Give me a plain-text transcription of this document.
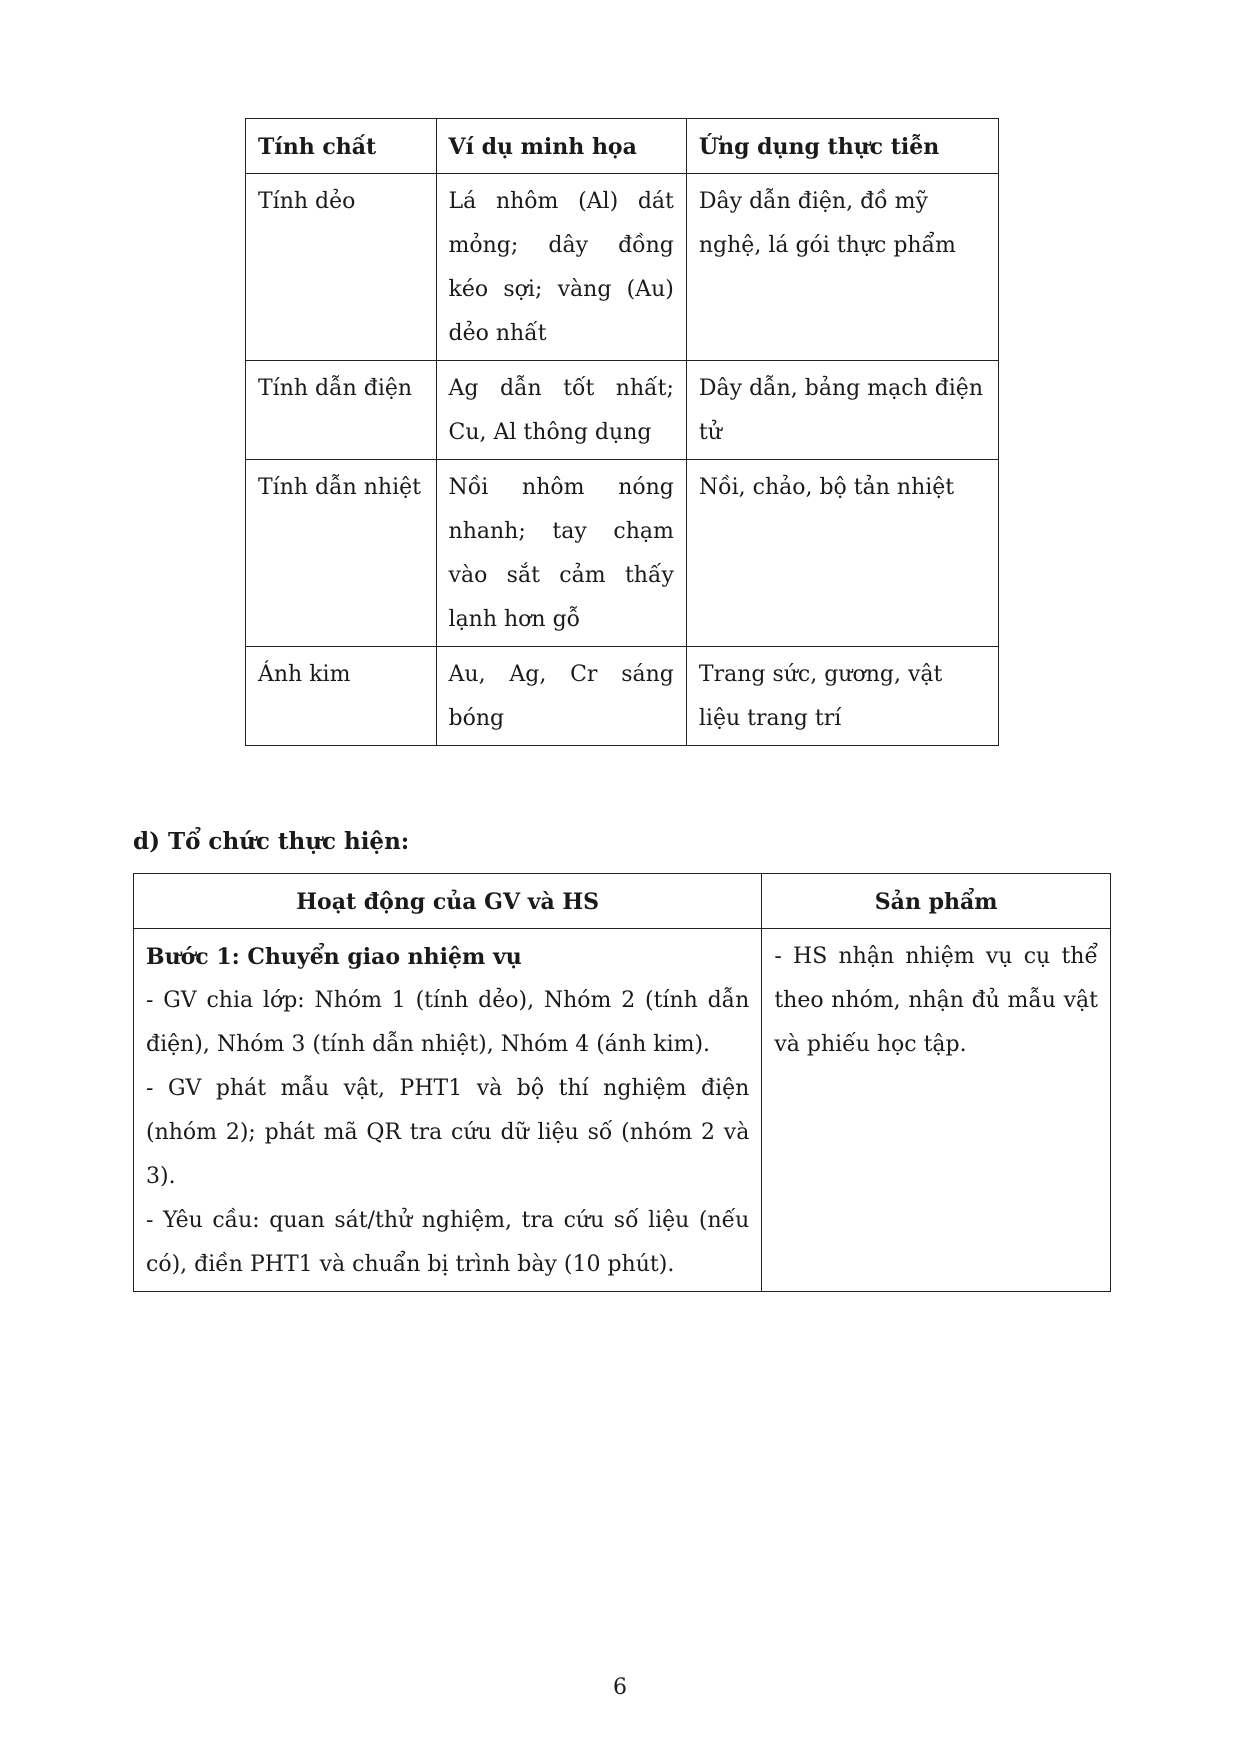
Tính chất	Ví dụ minh họa	Ứng dụng thực tiễn
Tính dẻo	Lá nhôm (Al) dát mỏng; dây đồng kéo sợi; vàng (Au) dẻo nhất	Dây dẫn điện, đồ mỹ nghệ, lá gói thực phẩm
Tính dẫn điện	Ag dẫn tốt nhất; Cu, Al thông dụng	Dây dẫn, bảng mạch điện tử
Tính dẫn nhiệt	Nồi nhôm nóng nhanh; tay chạm vào sắt cảm thấy lạnh hơn gỗ	Nồi, chảo, bộ tản nhiệt
Ánh kim	Au, Ag, Cr sáng bóng	Trang sức, gương, vật liệu trang trí
d) Tổ chức thực hiện:
Hoạt động của GV và HS	Sản phẩm

Bước 1: Chuyển giao nhiệm vụ
- GV chia lớp: Nhóm 1 (tính dẻo), Nhóm 2 (tính dẫn điện), Nhóm 3 (tính dẫn nhiệt), Nhóm 4 (ánh kim).
- GV phát mẫu vật, PHT1 và bộ thí nghiệm điện (nhóm 2); phát mã QR tra cứu dữ liệu số (nhóm 2 và 3).
- Yêu cầu: quan sát/thử nghiệm, tra cứu số liệu (nếu có), điền PHT1 và chuẩn bị trình bày (10 phút).	- HS nhận nhiệm vụ cụ thể theo nhóm, nhận đủ mẫu vật và phiếu học tập.
6
